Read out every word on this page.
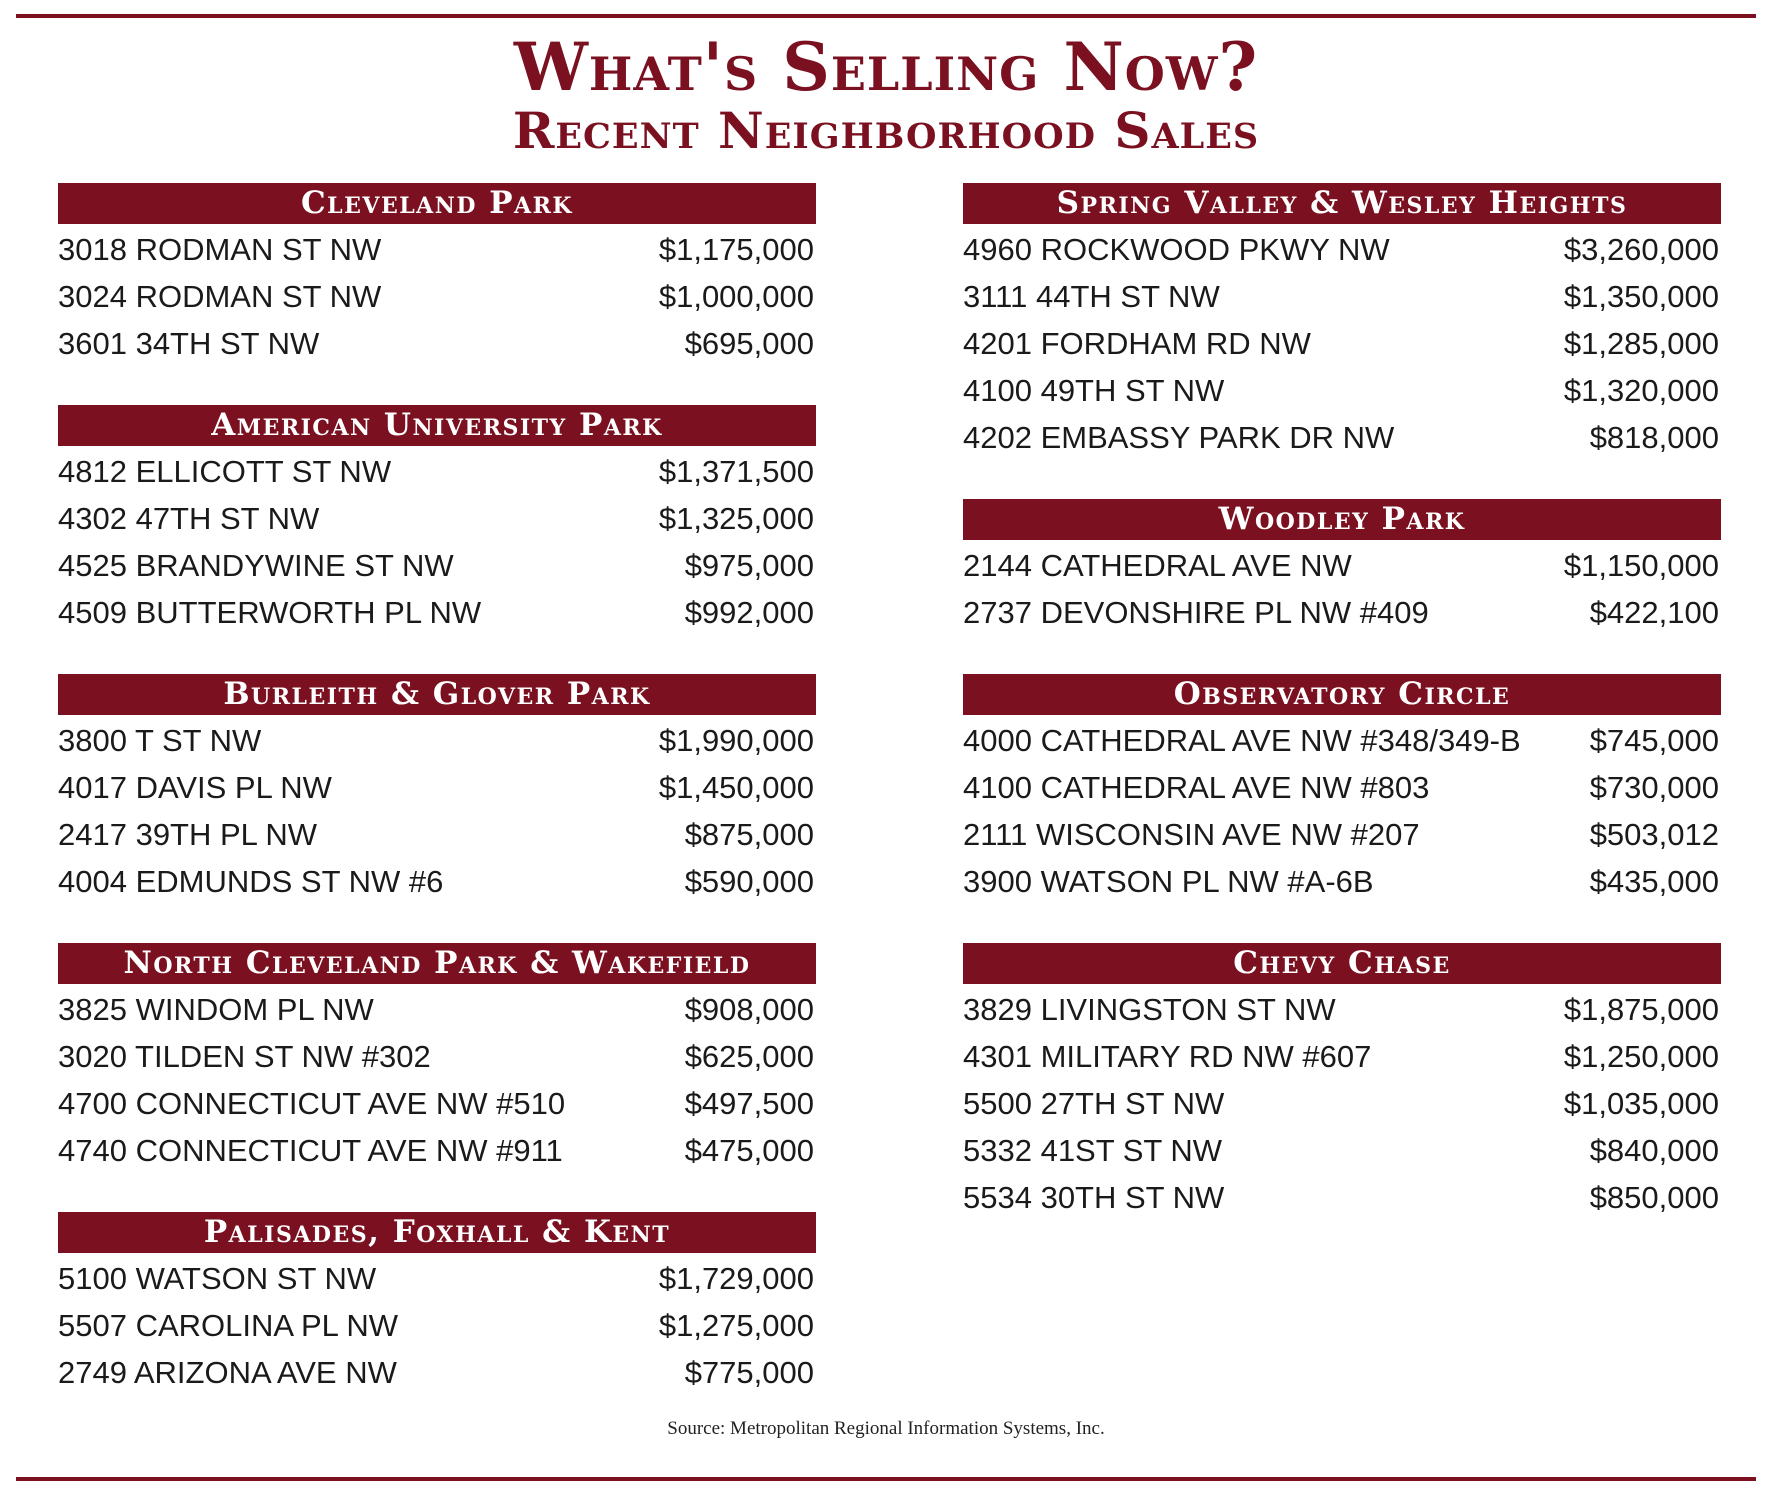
What's Selling Now?
Recent Neighborhood Sales
Cleveland Park
3018 RODMAN ST NW	$1,175,000
3024 RODMAN ST NW	$1,000,000
3601 34TH ST NW	$695,000
American University Park
4812 ELLICOTT ST NW	$1,371,500
4302 47TH ST NW	$1,325,000
4525 BRANDYWINE ST NW	$975,000
4509 BUTTERWORTH PL NW	$992,000
Burleith & Glover Park
3800 T ST NW	$1,990,000
4017 DAVIS PL NW	$1,450,000
2417 39TH PL NW	$875,000
4004 EDMUNDS ST NW #6	$590,000
North Cleveland Park & Wakefield
3825 WINDOM PL NW	$908,000
3020 TILDEN ST NW #302	$625,000
4700 CONNECTICUT AVE NW #510	$497,500
4740 CONNECTICUT AVE NW #911	$475,000
Palisades, Foxhall & Kent
5100 WATSON ST NW	$1,729,000
5507 CAROLINA PL NW	$1,275,000
2749 ARIZONA AVE NW	$775,000
Spring Valley & Wesley Heights
4960 ROCKWOOD PKWY NW	$3,260,000
3111 44TH ST NW	$1,350,000
4201 FORDHAM RD NW	$1,285,000
4100 49TH ST NW	$1,320,000
4202 EMBASSY PARK DR NW	$818,000
Woodley Park
2144 CATHEDRAL AVE NW	$1,150,000
2737 DEVONSHIRE PL NW #409	$422,100
Observatory Circle
4000 CATHEDRAL AVE NW #348/349-B $745,000
4100 CATHEDRAL AVE NW #803	$730,000
2111 WISCONSIN AVE NW #207	$503,012
3900 WATSON PL NW #A-6B	$435,000
Chevy Chase
3829 LIVINGSTON ST NW	$1,875,000
4301 MILITARY RD NW #607	$1,250,000
5500 27TH ST NW	$1,035,000
5332 41ST ST NW	$840,000
5534 30TH ST NW	$850,000
Source: Metropolitan Regional Information Systems, Inc.
